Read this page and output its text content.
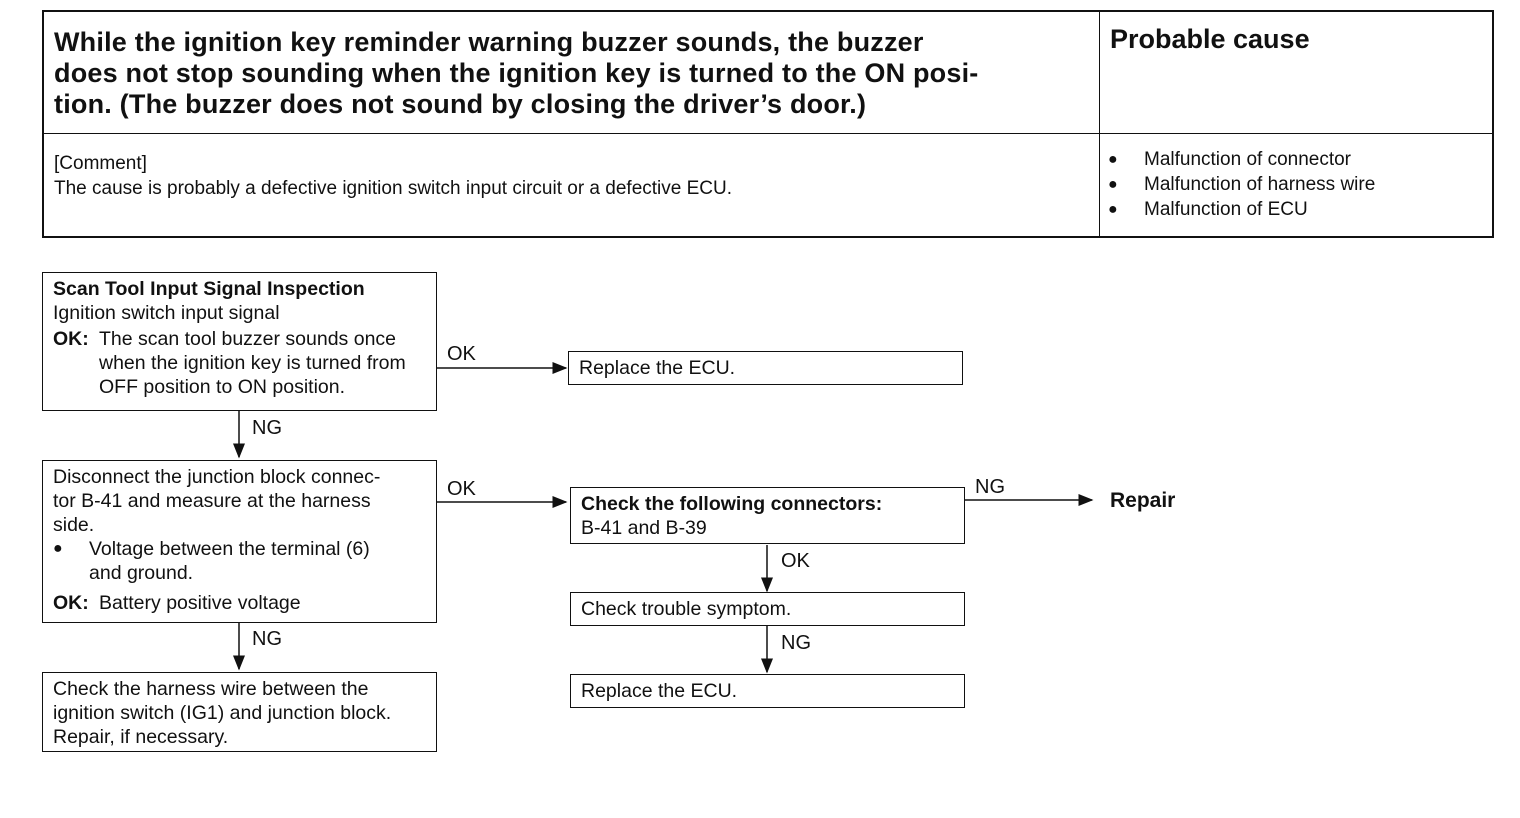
While the ignition key reminder warning buzzer sounds, the buzzer
does not stop sounding when the ignition key is turned to the ON posi-
tion. (The buzzer does not sound by closing the driver’s door.)
Probable cause
[Comment]
The cause is probably a defective ignition switch input circuit or a defective ECU.
●	Malfunction of connector
●	Malfunction of harness wire
●	Malfunction of ECU
Scan Tool Input Signal Inspection
Ignition switch input signal
OK: The scan tool buzzer sounds once
when the ignition key is turned from
OFF position to ON position.
Disconnect the junction block connec-
tor B-41 and measure at the harness
side.
●	Voltage between the terminal (6)
and ground.
OK: Battery positive voltage
Check the harness wire between the
ignition switch (IG1) and junction block.
Repair, if necessary.
Replace the ECU.
Check the following connectors:
B-41 and B-39
Check trouble symptom.
Replace the ECU.
Repair
OK
NG
OK
NG
NG
OK
NG
